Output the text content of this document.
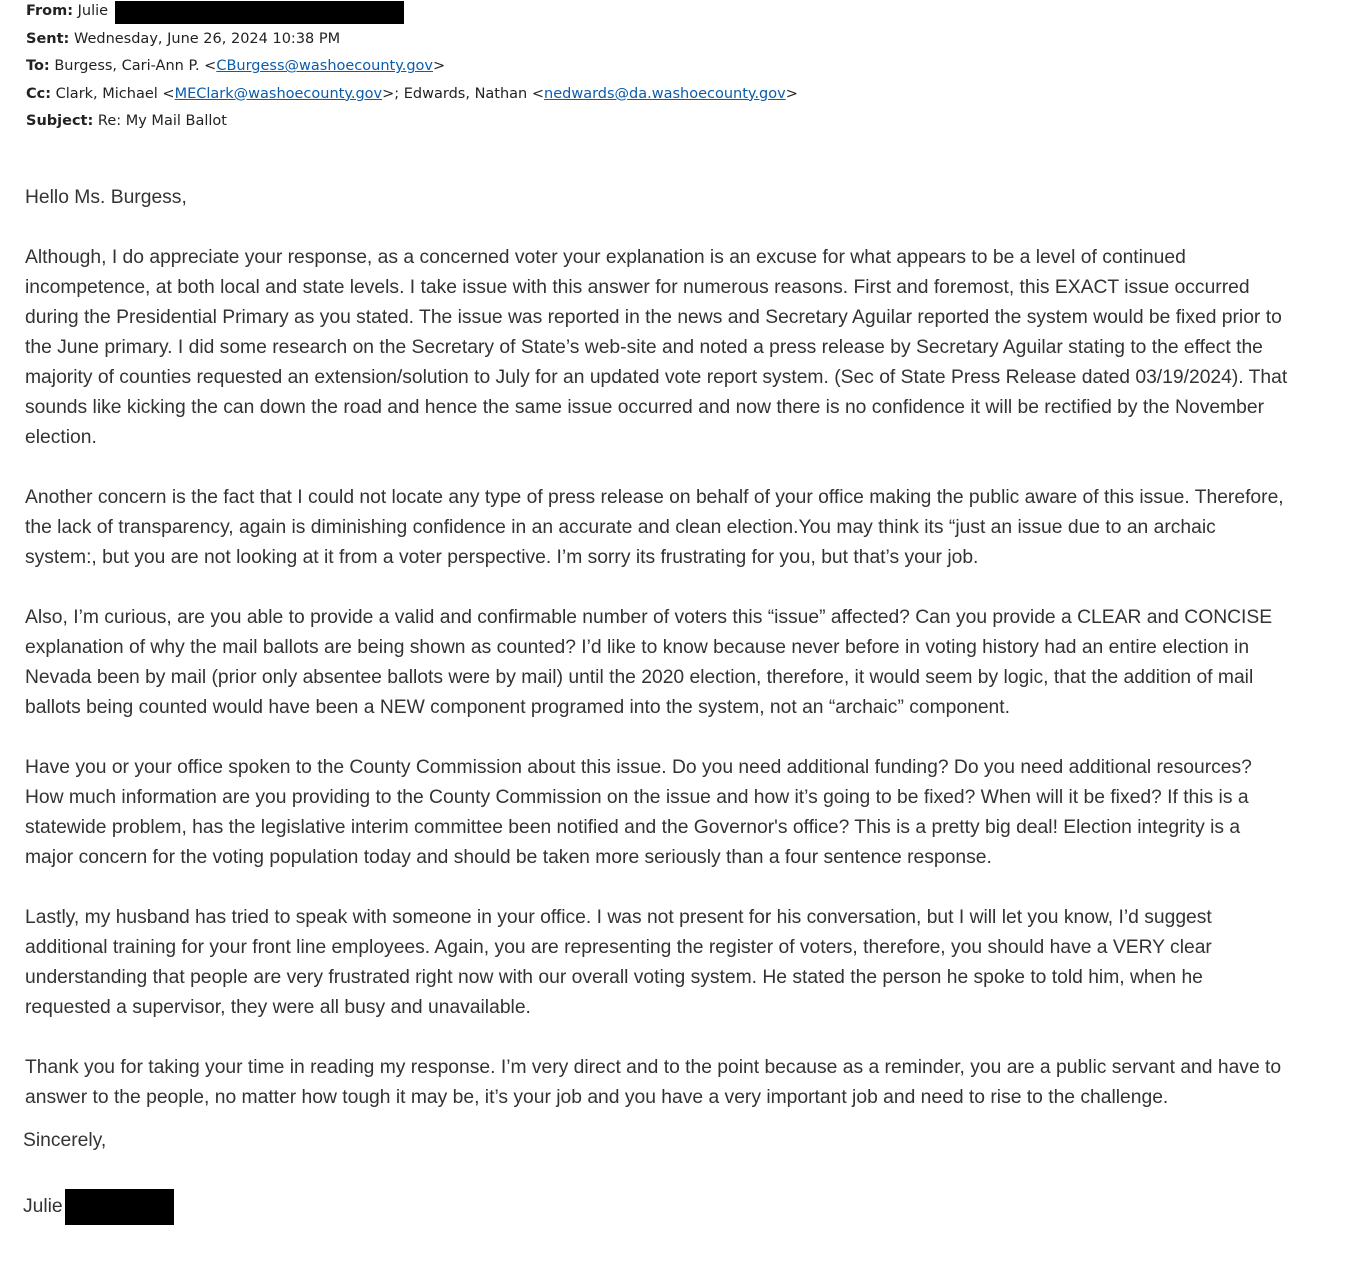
From: Julie
Sent: Wednesday, June 26, 2024 10:38 PM
To: Burgess, Cari-Ann P. <CBurgess@washoecounty.gov>
Cc: Clark, Michael <MEClark@washoecounty.gov>; Edwards, Nathan <nedwards@da.washoecounty.gov>
Subject: Re: My Mail Ballot
Hello Ms. Burgess,
Although, I do appreciate your response, as a concerned voter your explanation is an excuse for what appears to be a level of continued
incompetence, at both local and state levels. I take issue with this answer for numerous reasons. First and foremost, this EXACT issue occurred
during the Presidential Primary as you stated. The issue was reported in the news and Secretary Aguilar reported the system would be fixed prior to
the June primary. I did some research on the Secretary of State’s web-site and noted a press release by Secretary Aguilar stating to the effect the
majority of counties requested an extension/solution to July for an updated vote report system. (Sec of State Press Release dated 03/19/2024). That
sounds like kicking the can down the road and hence the same issue occurred and now there is no confidence it will be rectified by the November
election.
Another concern is the fact that I could not locate any type of press release on behalf of your office making the public aware of this issue. Therefore,
the lack of transparency, again is diminishing confidence in an accurate and clean election.You may think its “just an issue due to an archaic
system:, but you are not looking at it from a voter perspective. I’m sorry its frustrating for you, but that’s your job.
Also, I’m curious, are you able to provide a valid and confirmable number of voters this “issue” affected? Can you provide a CLEAR and CONCISE
explanation of why the mail ballots are being shown as counted? I’d like to know because never before in voting history had an entire election in
Nevada been by mail (prior only absentee ballots were by mail) until the 2020 election, therefore, it would seem by logic, that the addition of mail
ballots being counted would have been a NEW component programed into the system, not an “archaic” component.
Have you or your office spoken to the County Commission about this issue. Do you need additional funding? Do you need additional resources?
How much information are you providing to the County Commission on the issue and how it’s going to be fixed? When will it be fixed? If this is a
statewide problem, has the legislative interim committee been notified and the Governor's office? This is a pretty big deal! Election integrity is a
major concern for the voting population today and should be taken more seriously than a four sentence response.
Lastly, my husband has tried to speak with someone in your office. I was not present for his conversation, but I will let you know, I’d suggest
additional training for your front line employees. Again, you are representing the register of voters, therefore, you should have a VERY clear
understanding that people are very frustrated right now with our overall voting system. He stated the person he spoke to told him, when he
requested a supervisor, they were all busy and unavailable.
Thank you for taking your time in reading my response. I’m very direct and to the point because as a reminder, you are a public servant and have to
answer to the people, no matter how tough it may be, it’s your job and you have a very important job and need to rise to the challenge.
Sincerely,
Julie
